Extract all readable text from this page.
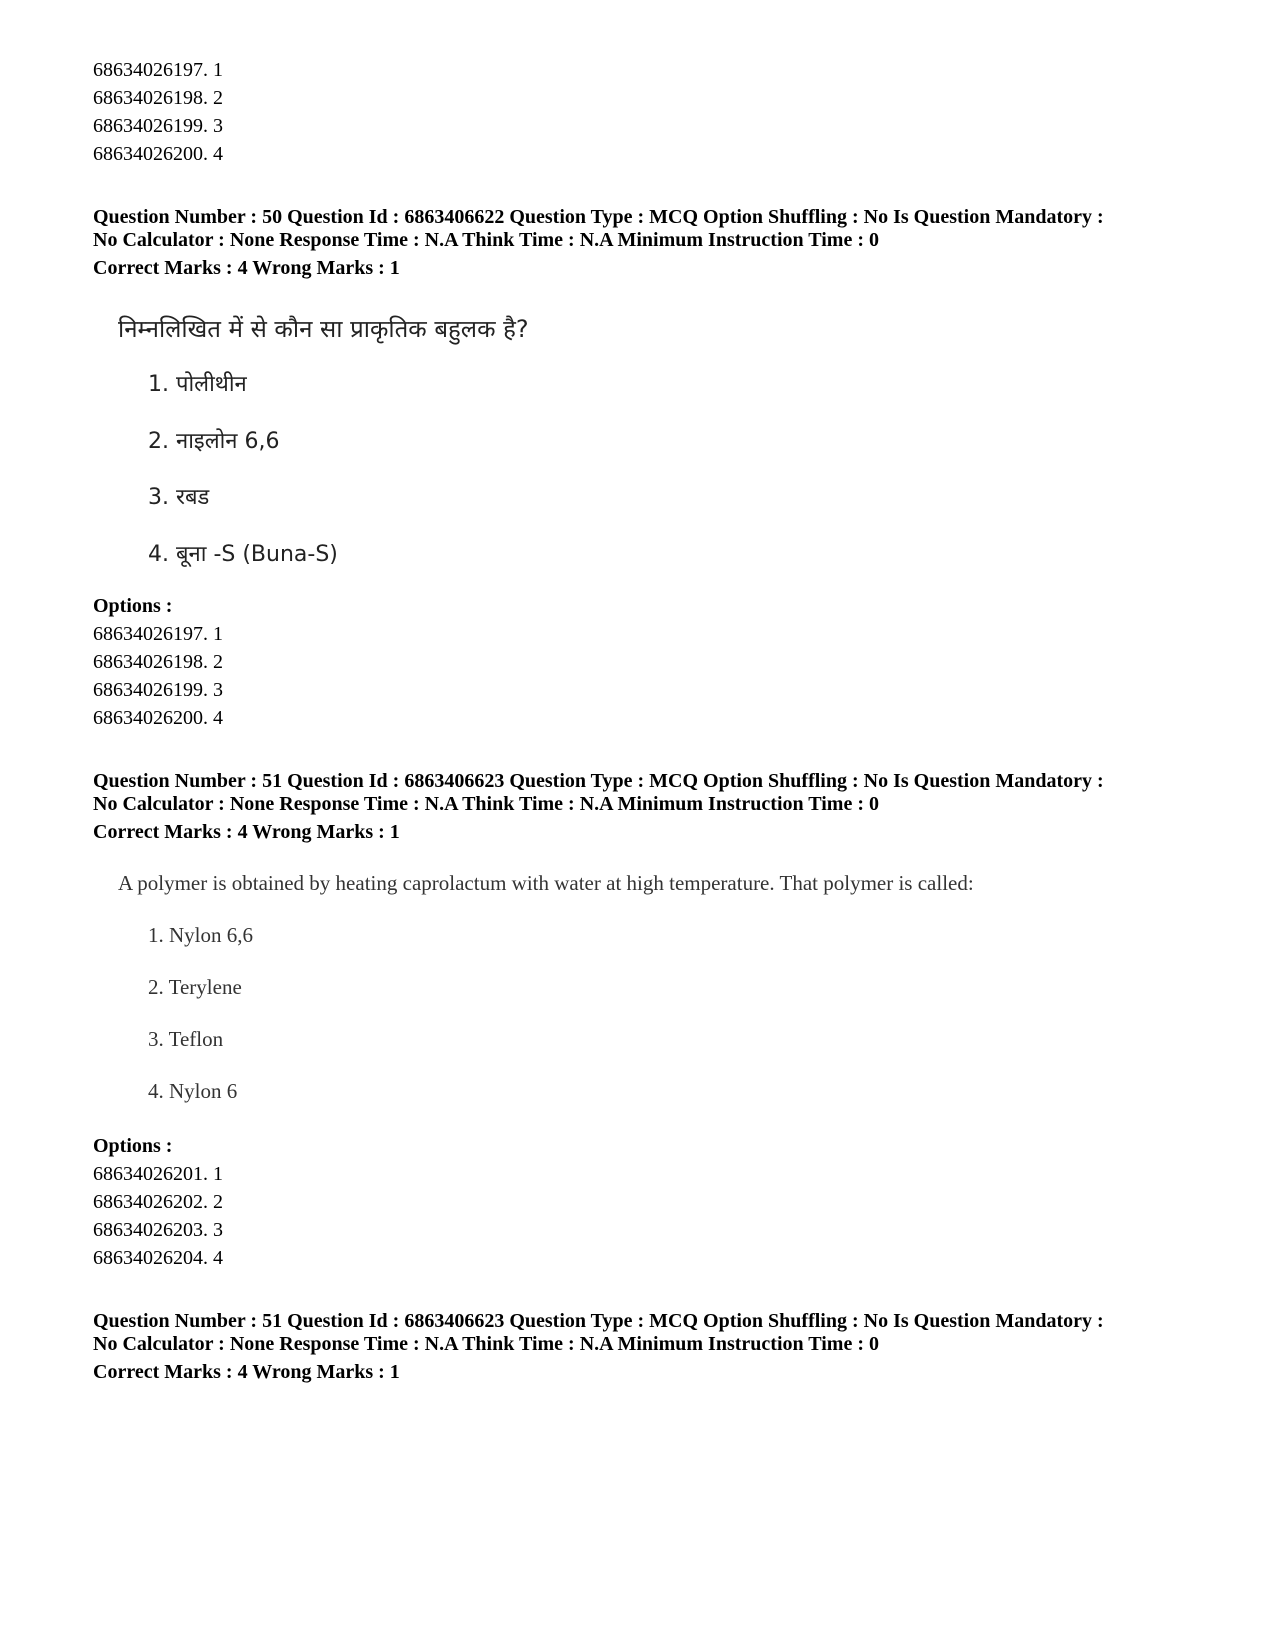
68634026197. 1
68634026198. 2
68634026199. 3
68634026200. 4
Question Number : 50 Question Id : 6863406622 Question Type : MCQ Option Shuffling : No Is Question Mandatory :
No Calculator : None Response Time : N.A Think Time : N.A Minimum Instruction Time : 0
Correct Marks : 4 Wrong Marks : 1
निम्नलिखित में से कौन सा प्राकृतिक बहुलक है?
1. पोलीथीन
2. नाइलोन 6,6
3. रबड
4. बूना -S (Buna-S)
Options :
68634026197. 1
68634026198. 2
68634026199. 3
68634026200. 4
Question Number : 51 Question Id : 6863406623 Question Type : MCQ Option Shuffling : No Is Question Mandatory :
No Calculator : None Response Time : N.A Think Time : N.A Minimum Instruction Time : 0
Correct Marks : 4 Wrong Marks : 1
A polymer is obtained by heating caprolactum with water at high temperature. That polymer is called:
1. Nylon 6,6
2. Terylene
3. Teflon
4. Nylon 6
Options :
68634026201. 1
68634026202. 2
68634026203. 3
68634026204. 4
Question Number : 51 Question Id : 6863406623 Question Type : MCQ Option Shuffling : No Is Question Mandatory :
No Calculator : None Response Time : N.A Think Time : N.A Minimum Instruction Time : 0
Correct Marks : 4 Wrong Marks : 1
